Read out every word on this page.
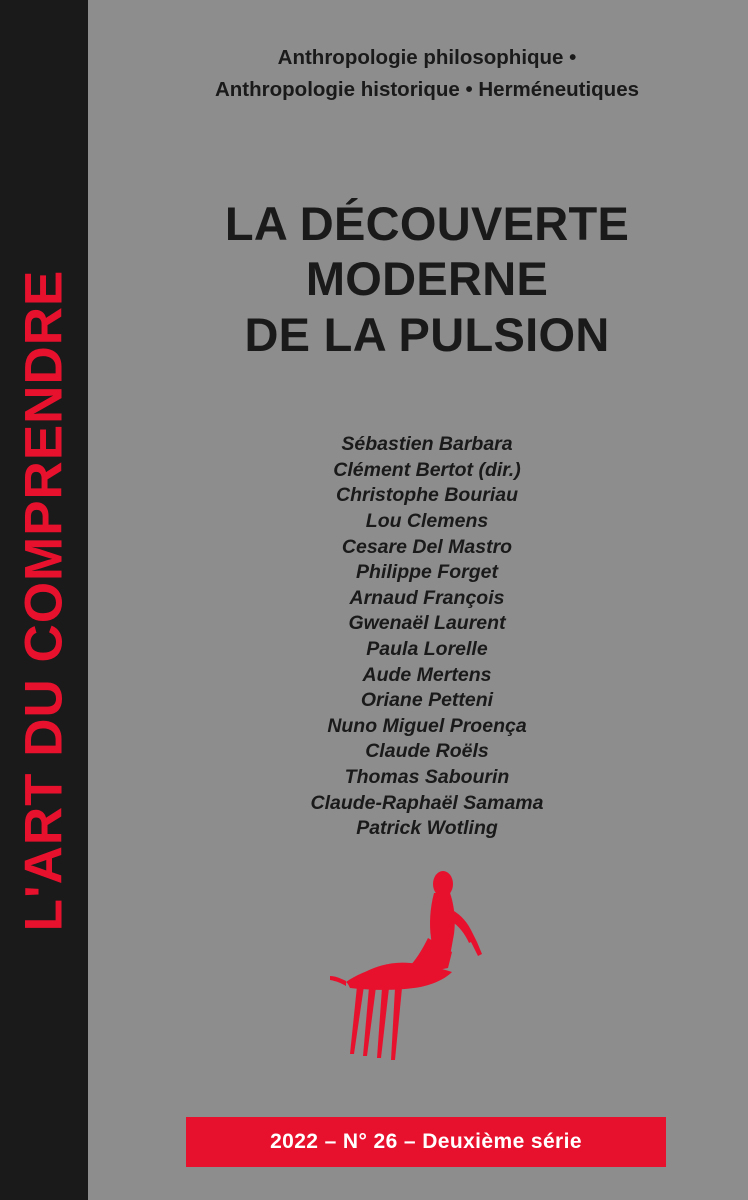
L'ART DU COMPRENDRE
Anthropologie philosophique •
Anthropologie historique • Herméneutiques
LA DÉCOUVERTE MODERNE
DE LA PULSION
Sébastien Barbara
Clément Bertot (dir.)
Christophe Bouriau
Lou Clemens
Cesare Del Mastro
Philippe Forget
Arnaud François
Gwenaël Laurent
Paula Lorelle
Aude Mertens
Oriane Petteni
Nuno Miguel Proença
Claude Roëls
Thomas Sabourin
Claude-Raphaël Samama
Patrick Wotling
2022 – N° 26 – Deuxième série
